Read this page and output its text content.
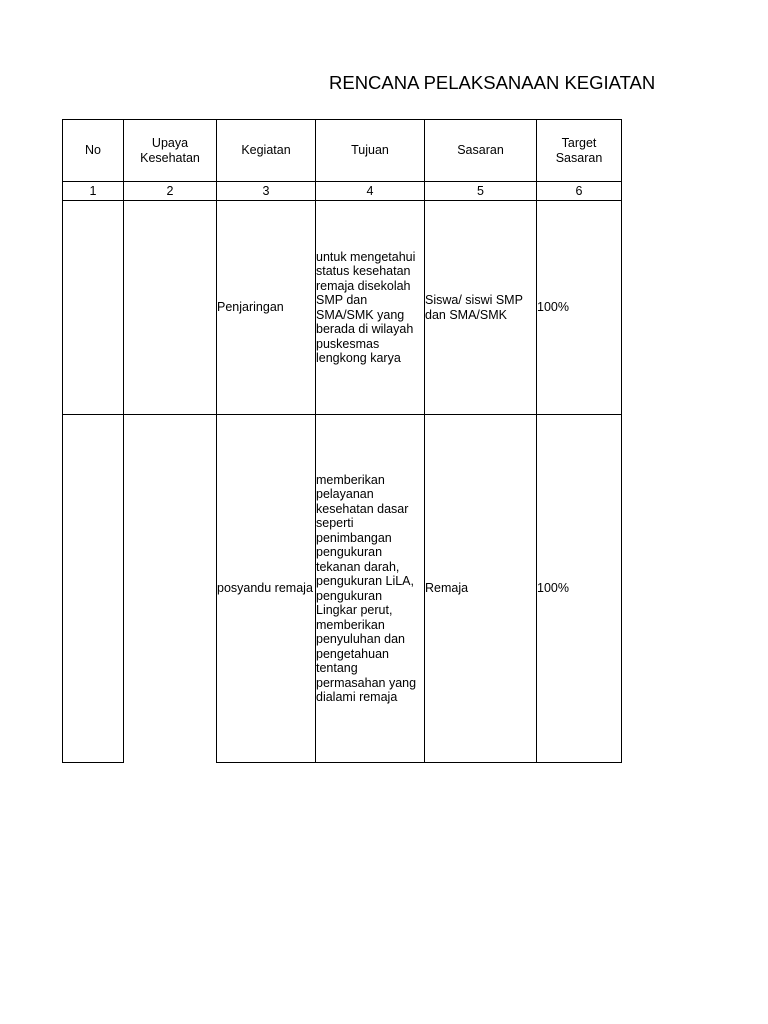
RENCANA PELAKSANAAN KEGIATAN
No	Upaya Kesehatan	Kegiatan	Tujuan	Sasaran	Target Sasaran
1	2	3	4	5	6
		Penjaringan	untuk mengetahui status kesehatan remaja disekolah SMP dan SMA/SMK yang berada di wilayah puskesmas lengkong karya	Siswa/ siswi SMP dan SMA/SMK	100%
		posyandu remaja	memberikan pelayanan kesehatan dasar seperti penimbangan pengukuran tekanan darah, pengukuran LiLA, pengukuran Lingkar perut, memberikan penyuluhan dan pengetahuan tentang permasahan yang dialami remaja	Remaja	100%
